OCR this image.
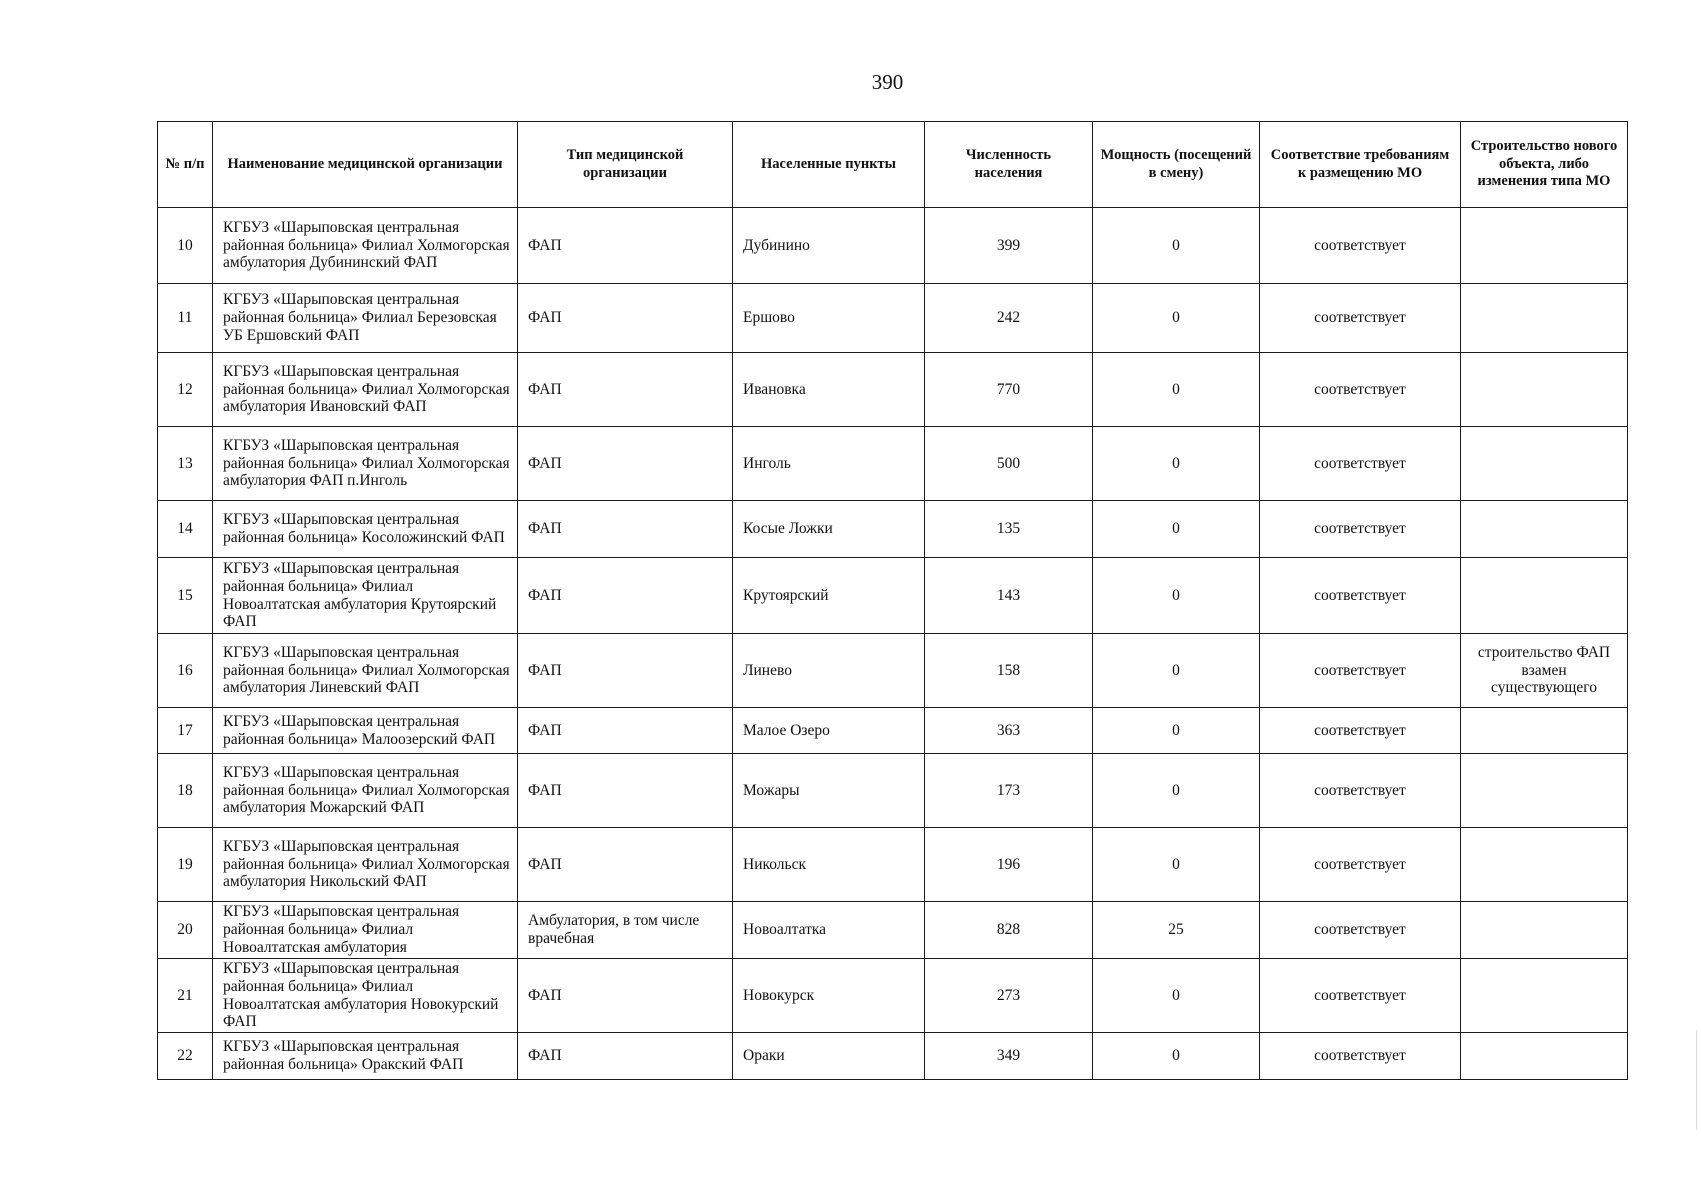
390
№ п/п	Наименование медицинской организации	Тип медицинской организации	Населенные пункты	Численность населения	Мощность (посещений в смену)	Соответствие требованиям к размещению МО	Строительство нового объекта, либо изменения типа МО
10	КГБУЗ «Шарыповская центральная районная больница» Филиал Холмогорская амбулатория Дубининский ФАП	ФАП	Дубинино	399	0	соответствует	
11	КГБУЗ «Шарыповская центральная районная больница» Филиал Березовская УБ Ершовский ФАП	ФАП	Ершово	242	0	соответствует	
12	КГБУЗ «Шарыповская центральная районная больница» Филиал Холмогорская амбулатория Ивановский ФАП	ФАП	Ивановка	770	0	соответствует	
13	КГБУЗ «Шарыповская центральная районная больница» Филиал Холмогорская амбулатория ФАП п.Инголь	ФАП	Инголь	500	0	соответствует	
14	КГБУЗ «Шарыповская центральная районная больница» Косоложинский ФАП	ФАП	Косые Ложки	135	0	соответствует	
15	КГБУЗ «Шарыповская центральная районная больница» Филиал Новоалтатская амбулатория Крутоярский ФАП	ФАП	Крутоярский	143	0	соответствует	
16	КГБУЗ «Шарыповская центральная районная больница» Филиал Холмогорская амбулатория Линевский ФАП	ФАП	Линево	158	0	соответствует	строительство ФАП взамен существующего
17	КГБУЗ «Шарыповская центральная районная больница» Малоозерский ФАП	ФАП	Малое Озеро	363	0	соответствует	
18	КГБУЗ «Шарыповская центральная районная больница» Филиал Холмогорская амбулатория Можарский ФАП	ФАП	Можары	173	0	соответствует	
19	КГБУЗ «Шарыповская центральная районная больница» Филиал Холмогорская амбулатория Никольский ФАП	ФАП	Никольск	196	0	соответствует	
20	КГБУЗ «Шарыповская центральная районная больница» Филиал Новоалтатская амбулатория	Амбулатория, в том числе врачебная	Новоалтатка	828	25	соответствует	
21	КГБУЗ «Шарыповская центральная районная больница» Филиал Новоалтатская амбулатория Новокурский ФАП	ФАП	Новокурск	273	0	соответствует	
22	КГБУЗ «Шарыповская центральная районная больница» Оракский ФАП	ФАП	Ораки	349	0	соответствует	
